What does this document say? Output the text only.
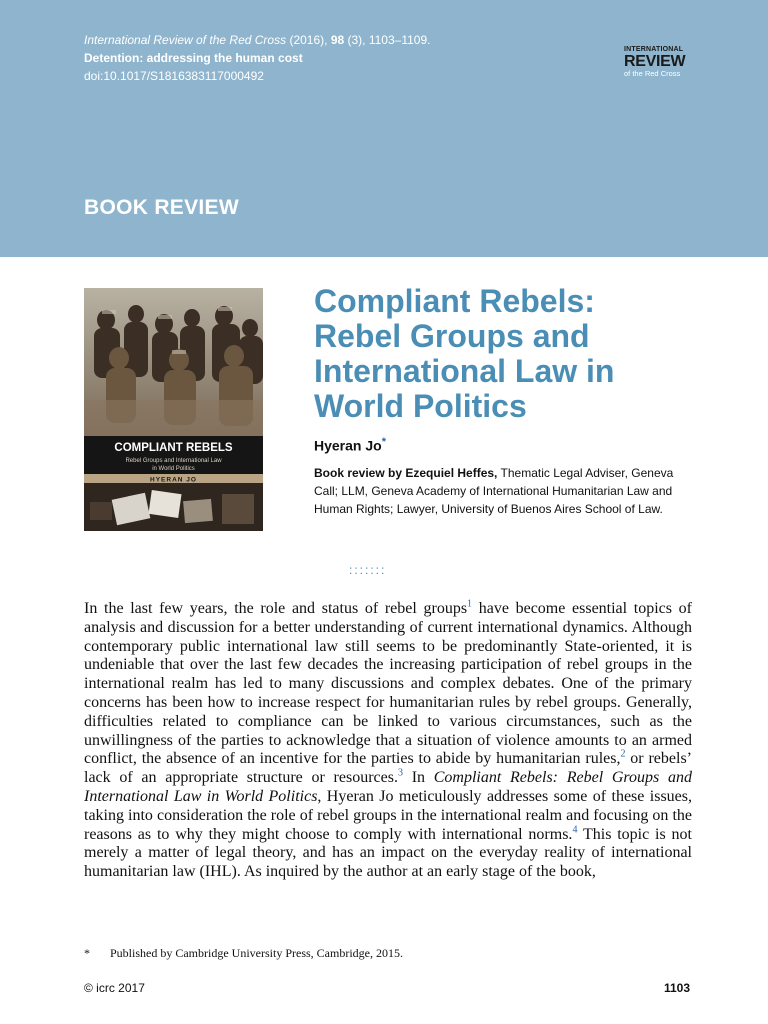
International Review of the Red Cross (2016), 98 (3), 1103–1109.
Detention: addressing the human cost
doi:10.1017/S1816383117000492
INTERNATIONAL
REVIEW
of the Red Cross
BOOK REVIEW
COMPLIANT REBELS
Rebel Groups and International Law
in World Politics
HYERAN JO
Compliant Rebels:
Rebel Groups and
International Law in
World Politics
Hyeran Jo*
Book review by Ezequiel Heffes, Thematic Legal Adviser, Geneva Call; LLM, Geneva Academy of International Humanitarian Law and Human Rights; Lawyer, University of Buenos Aires School of Law.
:::::::

In the last few years, the role and status of rebel groups$^1$ have become essential topics of analysis and discussion for a better understanding of current international dynamics. Although contemporary public international law still seems to be predominantly State-oriented, it is undeniable that over the last few decades the increasing participation of rebel groups in the international realm has led to many discussions and complex debates. One of the primary concerns has been how to increase respect for humanitarian rules by rebel groups. Generally, difficulties related to compliance can be linked to various circumstances, such as the unwillingness of the parties to acknowledge that a situation of violence amounts to an armed conflict, the absence of an incentive for the parties to abide by humanitarian rules,$^2$ or rebels’ lack of an appropriate structure or resources.$^3$ In Compliant Rebels: Rebel Groups and International Law in World Politics, Hyeran Jo meticulously addresses some of these issues, taking into consideration the role of rebel groups in the international realm and focusing on the reasons as to why they might choose to comply with international norms.$^4$ This topic is not merely a matter of legal theory, and has an impact on the everyday reality of international humanitarian law (IHL). As inquired by the author at an early stage of the book,

* Published by Cambridge University Press, Cambridge, 2015.
© icrc 2017	1103
